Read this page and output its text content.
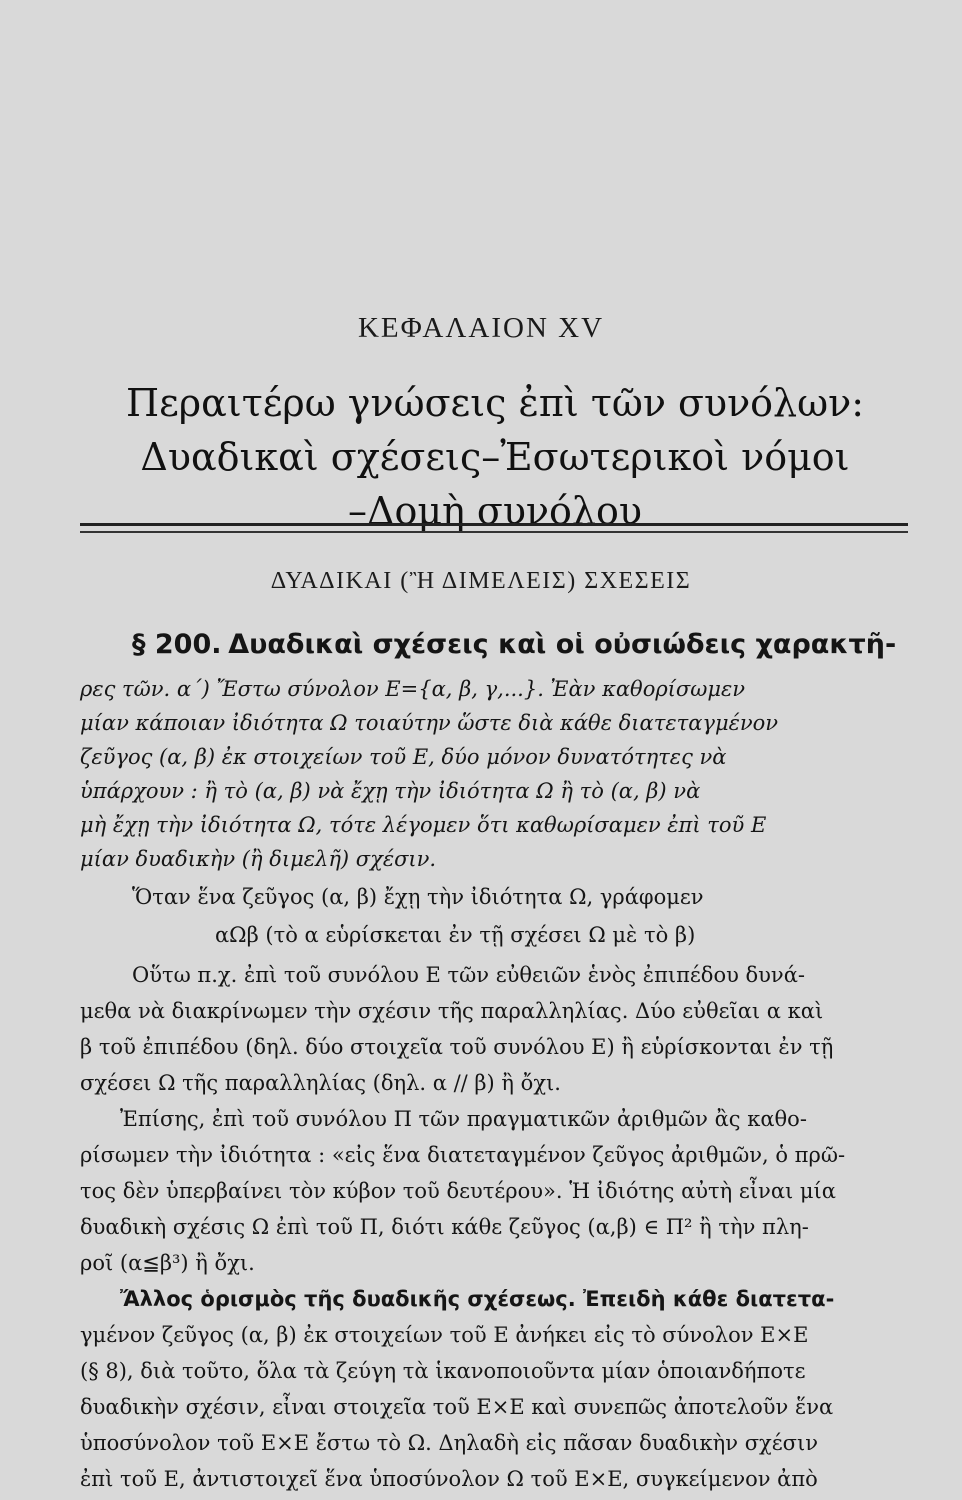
ΚΕΦΑΛΑΙΟΝ XV
Περαιτέρω γνώσεις ἐπὶ τῶν συνόλων:
Δυαδικαὶ σχέσεις–Ἐσωτερικοὶ νόμοι
–Δομὴ συνόλου
ΔΥΑΔΙΚΑΙ (Ἢ ΔΙΜΕΛΕΙΣ) ΣΧΕΣΕΙΣ
§ 200. Δυαδικαὶ σχέσεις καὶ οἱ οὐσιώδεις χαρακτῆ-
ρες τῶν. α΄) Ἔστω σύνολον E={α, β, γ,...}. Ἐὰν καθορίσωμεν
μίαν κάποιαν ἰδιότητα Ω τοιαύτην ὥστε διὰ κάθε διατεταγμένον
ζεῦγος (α, β) ἐκ στοιχείων τοῦ E, δύο μόνον δυνατότητες νὰ
ὑπάρχουν : ἢ τὸ (α, β) νὰ ἔχῃ τὴν ἰδιότητα Ω ἢ τὸ (α, β) νὰ
μὴ ἔχῃ τὴν ἰδιότητα Ω, τότε λέγομεν ὅτι καθωρίσαμεν ἐπὶ τοῦ E
μίαν δυαδικὴν (ἢ διμελῆ) σχέσιν.
Ὅταν ἕνα ζεῦγος (α, β) ἔχῃ τὴν ἰδιότητα Ω, γράφομεν
αΩβ (τὸ α εὑρίσκεται ἐν τῇ σχέσει Ω μὲ τὸ β)
Οὕτω π.χ. ἐπὶ τοῦ συνόλου E τῶν εὐθειῶν ἑνὸς ἐπιπέδου δυνά-
μεθα νὰ διακρίνωμεν τὴν σχέσιν τῆς παραλληλίας. Δύο εὐθεῖαι α καὶ
β τοῦ ἐπιπέδου (δηλ. δύο στοιχεῖα τοῦ συνόλου E) ἢ εὑρίσκονται ἐν τῇ
σχέσει Ω τῆς παραλληλίας (δηλ. α // β) ἢ ὄχι.
Ἐπίσης, ἐπὶ τοῦ συνόλου Π τῶν πραγματικῶν ἀριθμῶν ἂς καθο-
ρίσωμεν τὴν ἰδιότητα : «εἰς ἕνα διατεταγμένον ζεῦγος ἀριθμῶν, ὁ πρῶ-
τος δὲν ὑπερβαίνει τὸν κύβον τοῦ δευτέρου». Ἡ ἰδιότης αὐτὴ εἶναι μία
δυαδικὴ σχέσις Ω ἐπὶ τοῦ Π, διότι κάθε ζεῦγος (α,β) ∈ Π² ἢ τὴν πλη-
ροῖ (α≦β³) ἢ ὄχι.
Ἄλλος ὁρισμὸς τῆς δυαδικῆς σχέσεως. Ἐπειδὴ κάθε διατετα-
γμένον ζεῦγος (α, β) ἐκ στοιχείων τοῦ E ἀνήκει εἰς τὸ σύνολον E×E
(§ 8), διὰ τοῦτο, ὅλα τὰ ζεύγη τὰ ἱκανοποιοῦντα μίαν ὁποιανδήποτε
δυαδικὴν σχέσιν, εἶναι στοιχεῖα τοῦ E×E καὶ συνεπῶς ἀποτελοῦν ἕνα
ὑποσύνολον τοῦ E×E ἔστω τὸ Ω. Δηλαδὴ εἰς πᾶσαν δυαδικὴν σχέσιν
ἐπὶ τοῦ E, ἀντιστοιχεῖ ἕνα ὑποσύνολον Ω τοῦ E×E, συγκείμενον ἀπὸ
